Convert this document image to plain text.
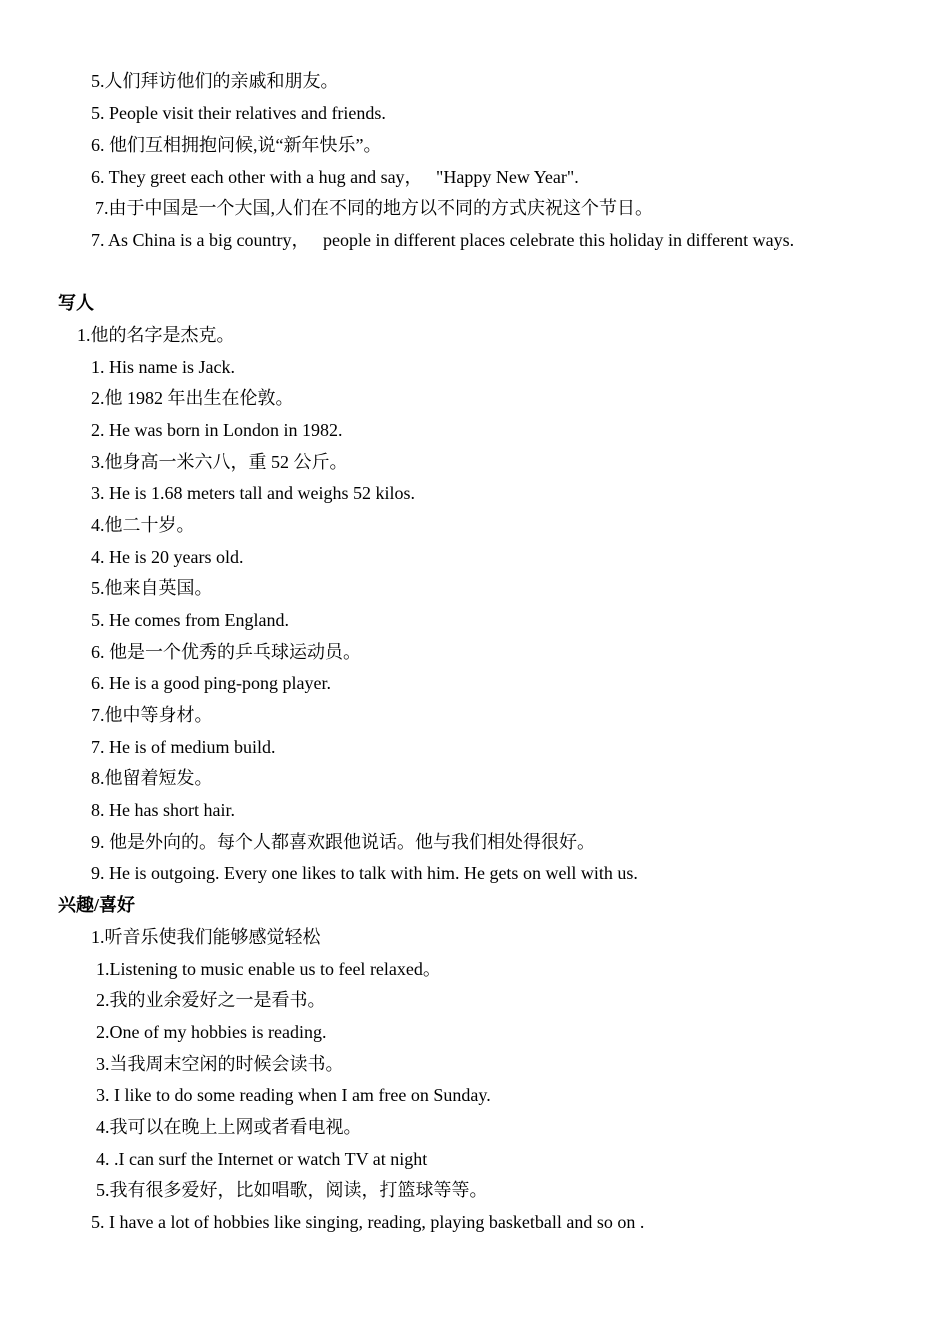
5.人们拜访他们的亲戚和朋友。
5. People visit their relatives and friends.
6. 他们互相拥抱问候,说“新年快乐”。
6. They greet each other with a hug and say，   "Happy New Year".
7.由于中国是一个大国,人们在不同的地方以不同的方式庆祝这个节日。
7. As China is a big country，   people in different places celebrate this holiday in different ways.
写人
1.他的名字是杰克。
1. His name is Jack.
2.他 1982 年出生在伦敦。
2. He was born in London in 1982.
3.他身高一米六八，重 52 公斤。
3. He is 1.68 meters tall and weighs 52 kilos.
4.他二十岁。
4. He is 20 years old.
5.他来自英国。
5. He comes from England.
6. 他是一个优秀的乒乓球运动员。
6. He is a good ping-pong player.
7.他中等身材。
7. He is of medium build.
8.他留着短发。
8. He has short hair.
9. 他是外向的。每个人都喜欢跟他说话。他与我们相处得很好。
9. He is outgoing. Every one likes to talk with him. He gets on well with us.
兴趣/喜好
1.听音乐使我们能够感觉轻松
1.Listening to music enable us to feel relaxed。
2.我的业余爱好之一是看书。
2.One of my hobbies is reading.
3.当我周末空闲的时候会读书。
3. I like to do some reading when I am free on Sunday.
4.我可以在晚上上网或者看电视。
4. .I can surf the Internet or watch TV at night
5.我有很多爱好，比如唱歌，阅读，打篮球等等。
5. I have a lot of hobbies like singing, reading, playing basketball and so on .
